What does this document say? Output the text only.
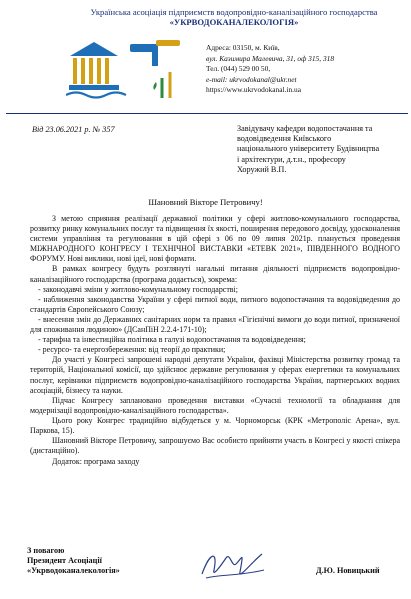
Українська асоціація підприємств водопровідно-каналізаційного господарства
«УКРВОДОКАНАЛЕКОЛОГІЯ»
Адреса: 03150, м. Київ,
вул. Казимира Малевича, 31, оф 315, 318
Тел. (044) 529 00 50,
e-mail: ukrvodokanal@ukr.net
https://www.ukrvodokanal.in.ua
Від 23.06.2021 р. № 357	Завідувачу кафедри водопостачання та
водовідведення Київського
національного університету Будівництва
і архітектури, д.т.н., професору
Хоружий В.П.
Шановний Вікторе Петровичу!

З метою сприяння реалізації державної політики у сфері житлово-комунального господарства, розвитку ринку комунальних послуг та підвищення їх якості, поширення передового досвіду, удосконалення системи управління та регулювання в цій сфері з 06 по 09 липня 2021р. планується проведення МІЖНАРОДНОГО КОНГРЕСУ І ТЕХНІЧНОЇ ВИСТАВКИ «ЕТЕВК 2021», ПІВДЕННОГО ВОДНОГО ФОРУМУ. Нові виклики, нові ідеї, нові формати.

В рамках конгресу будуть розглянуті нагальні питання діяльності підприємств водопровідно-каналізаційного господарства (програма додається), зокрема:

- законодавчі зміни у житлово-комунальному господарстві;

- наближення законодавства України у сфері питної води, питного водопостачання та водовідведення до стандартів Європейського Союзу;

- внесення змін до Державних санітарних норм та правил «Гігієнічні вимоги до води питної, призначеної для споживання людиною» (ДСанПіН 2.2.4-171-10);

- тарифна та інвестиційна політика в галузі водопостачання та водовідведення;

- ресурсо- та енергозбереження: від теорії до практики;

До участі у Конгресі запрошені народні депутати України, фахівці Міністерства розвитку громад та територій, Національної комісії, що здійснює державне регулювання у сферах енергетики та комунальних послуг, керівники підприємств водопровідно-каналізаційного господарства України, партнерських водних асоціацій, бізнесу та науки.

Підчас Конгресу заплановано проведення виставки «Сучасні технології та обладнання для модернізації водопровідно-каналізаційного господарства».

Цього року Конгрес традиційно відбудеться у м. Чорноморськ (КРК «Метрополіс Арена», вул. Паркова, 15).

Шановний Вікторе Петровичу, запрошуємо Вас особисто прийняти участь в Конгресі у якості спікера (дистанційно).

Додаток: програма заходу

З повагою
Президент Асоціації
«Укрводоканалекологія»	Д.Ю. Новицький
